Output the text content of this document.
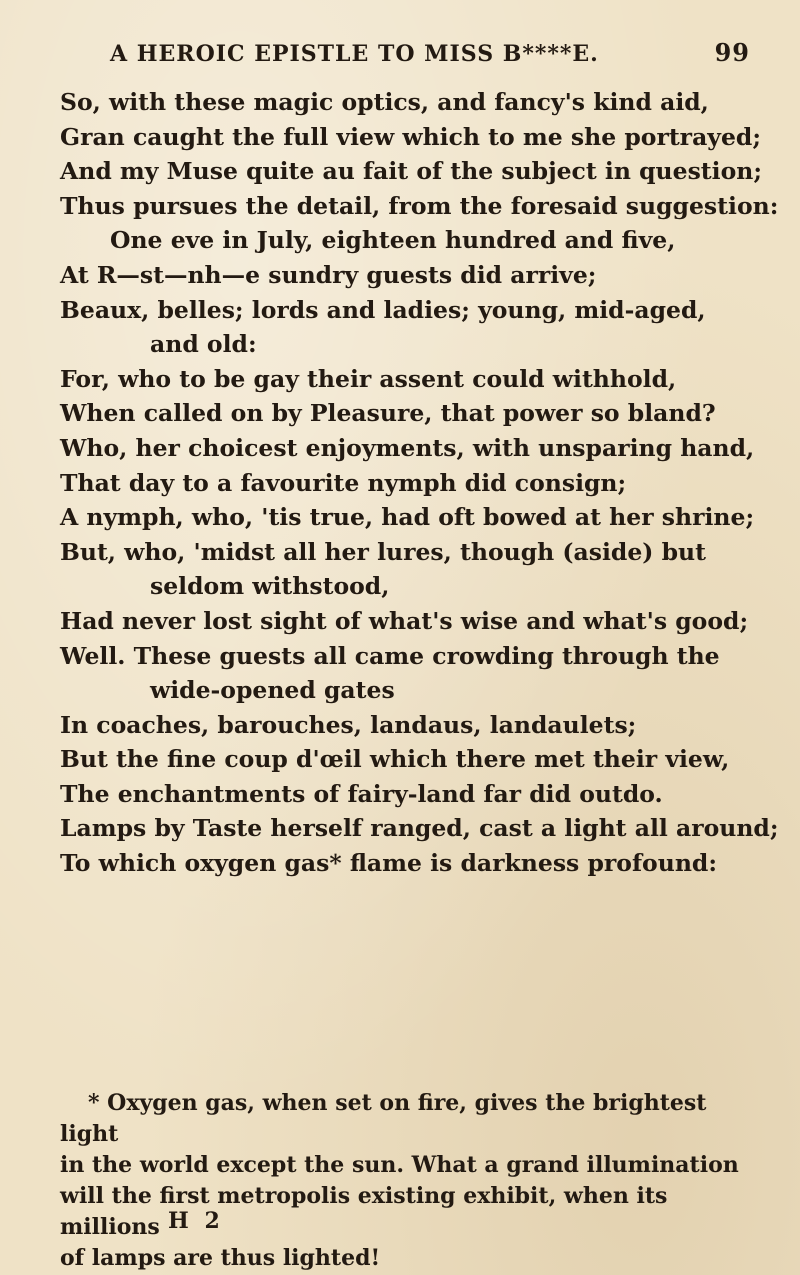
A HEROIC EPISTLE TO MISS B****E.	99
So, with these magic optics, and fancy's kind aid,
Gran caught the full view which to me she portrayed;
And my Muse quite au fait of the subject in question;
Thus pursues the detail, from the foresaid suggestion:
One eve in July, eighteen hundred and five,
At R—st—nh—e sundry guests did arrive;
Beaux, belles; lords and ladies; young, mid-aged,
and old:
For, who to be gay their assent could withhold,
When called on by Pleasure, that power so bland?
Who, her choicest enjoyments, with unsparing hand,
That day to a favourite nymph did consign;
A nymph, who, 'tis true, had oft bowed at her shrine;
But, who, 'midst all her lures, though (aside) but
seldom withstood,
Had never lost sight of what's wise and what's good;
Well. These guests all came crowding through the
wide-opened gates
In coaches, barouches, landaus, landaulets;
But the fine coup d'œil which there met their view,
The enchantments of fairy-land far did outdo.
Lamps by Taste herself ranged, cast a light all around;
To which oxygen gas* flame is darkness profound:
* Oxygen gas, when set on fire, gives the brightest light
in the world except the sun. What a grand illumination
will the first metropolis existing exhibit, when its millions
of lamps are thus lighted!
H 2
